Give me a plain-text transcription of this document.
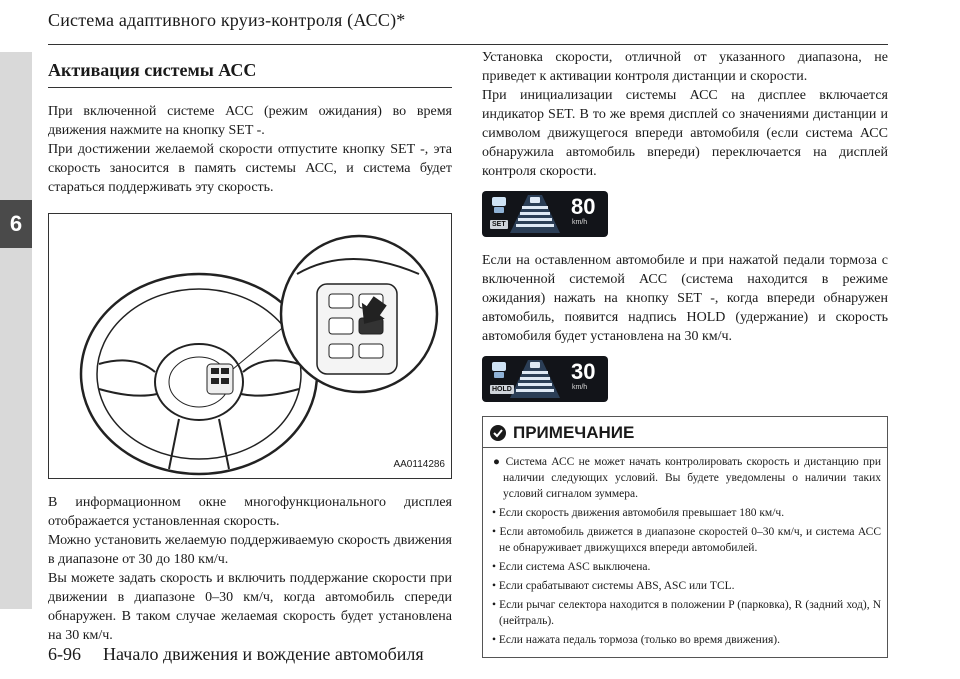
Система адаптивного круиз-контроля (АСС)*
6
Активация системы АСС

При включенной системе АСС (режим ожидания) во время движения нажмите на кнопку SET -.

При достижении желаемой скорости отпустите кнопку SET -, эта скорость заносится в память системы АСС, и система будет стараться поддерживать эту скорость.

AA0114286

В информационном окне многофункционального дисплея отображается установленная скорость.

Можно установить желаемую поддерживаемую скорость движения в диапазоне от 30 до 180 км/ч.

Вы можете задать скорость и включить поддержание скорости при движении в диапазоне 0–30 км/ч, когда автомобиль спереди обнаружен. В таком случае желаемая скорость будет установлена на 30 км/ч.

Установка скорости, отличной от указанного диапазона, не приведет к активации контроля дистанции и скорости.

При инициализации системы АСС на дисплее включается индикатор SET. В то же время дисплей со значениями дистанции и символом движущегося впереди автомобиля (если система АСС обнаружила автомобиль впереди) переключается на дисплей контроля скорости.

80
km/h
SET

Если на оставленном автомобиле и при нажатой педали тормоза с включенной системой АСС (система находится в режиме ожидания) нажать на кнопку SET -, когда впереди обнаружен автомобиль, появится надпись HOLD (удержание) и скорость автомобиля будет установлена на 30 км/ч.

30
km/h
HOLD
ПРИМЕЧАНИЕ
● Система АСС не может начать контролировать скорость и дистанцию при наличии следующих условий. Вы будете уведомлены о наличии таких условий сигналом зуммера.
• Если скорость движения автомобиля превышает 180 км/ч.
• Если автомобиль движется в диапазоне скоростей 0–30 км/ч, и система АСС не обнаруживает движущихся впереди автомобилей.
• Если система ASC выключена.
• Если срабатывают системы ABS, ASC или TCL.
• Если рычаг селектора находится в положении P (парковка), R (задний ход), N (нейтраль).
• Если нажата педаль тормоза (только во время движения).
6-96 Начало движения и вождение автомобиля
